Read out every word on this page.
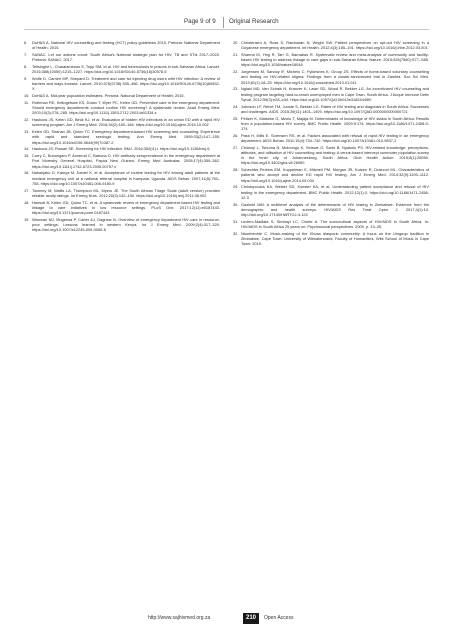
Page 9 of 9 Original Research
6.	DoH&S A. National HIV counselling and testing (HCT) policy guidelines 2015. Pretoria: National Department of Health; 2015.
7.	SANAC. Let our actions count: South Africa's National strategic plan for HIV, TB and STIs 2017–2022. Pretoria: SANAC; 2017.
8.	Telisinghe L, Charalambous S, Topp SM, et al. HIV and tuberculosis in prisons in sub-Saharan Africa. Lancet. 2016;388(10050):1215–1227. https://doi.org/10.1016/S0140-6736(16)30578-5
9.	Wolfe D, Carrieri MP, Shepard D. Treatment and care for injecting drug users with HIV infection: A review of barriers and ways forward. Lancet. 2010;376(9738):355–366. https://doi.org/10.1016/S0140-6736(10)60832-X
10. DoH&S A. Mid-year population estimates. Pretoria: National Department of Health; 2015.
11. Rothman RE, Ketlogetswe KS, Dolan T, Wyer PC, Kelen GD. Preventive care in the emergency department: Should emergency departments conduct routine HIV screening? A systematic review. Acad Emerg Med. 2003;10(3):278–285. https://doi.org/10.1111/j.1553-2712.2003.tb01334.x
12. Haukoos JS, Kelen GD, Beck KJ, et al. Evaluation of hidden HIV infections in an urban ED with a rapid HIV screening program. Am J Emerg Med. 2016;34(2):180–184. https://doi.org/10.1016/j.ajem.2015.10.002
13. Kelen GD, Shahan JB, Quinn TC. Emergency department-based HIV screening and counseling: Experience with rapid and standard serologic testing. Ann Emerg Med. 1999;33(2):147–155. https://doi.org/10.1016/s0196-0644(99)70387-2
14. Haukoos JS, Rowan SE. Screening for HIV infection. BMJ. 2016;352(i1):i. https://doi.org/10.1136/bmj.i1
15. Curry C, Bunungam P, Annerud C, Babona D. HIV antibody seroprevalence in the emergency department at Port Moresby General Hospital, Papua New Guinea. Emerg Med Australas. 2005;17(4):359–362. https://doi.org/10.1111/j.1742-6723.2005.00757.x
16. Nakanjako D, Kamya M, Daniel K, et al. Acceptance of routine testing for HIV among adult patients at the medical emergency unit at a national referral hospital in Kampala, Uganda. AIDS Behav. 2007;11(5):753–758. https://doi.org/10.1007/s10461-006-9180-9
17. Twomey M, Wallis LA, Thompson ML, Myers JE. The South African Triage Scale (adult version) provides reliable acuity ratings. Int Emerg Nurs. 2012;20(3):142–150. https://doi.org/10.1016/j.ienj.2011.08.002
18. Hansoti B, Kelen GD, Quinn TC, et al. A systematic review of emergency department based HIV testing and linkage to care initiatives in low resource settings. PLoS One. 2017;12(11):e0187443. https://doi.org/10.1371/journal.pone.0187443
19. Waxman MJ, Mugerwa P, Carter AJ, Dagnew N. Overview of emergency department HIV care in resource-poor settings: Lessons learned in western Kenya. Int J Emerg Med. 2009;2(4):317–320. https://doi.org/10.1007/s12245-009-0065-8
20. Christensen A, Russ S, Rambaran N, Wright SW. Patient perspectives on opt-out HIV screening in a Guyanese emergency department. Int Health. 2012;4(3):185–191. https://doi.org/10.1016/j.inhe.2012.03.001
21. Sharma M, Ying R, Tarr G, Barnabas R. Systematic review and meta-analysis of community and facility-based HIV testing to address linkage to care gaps in sub-Saharan Africa. Nature. 2015;528(7580):S77–S85. https://doi.org/10.1038/nature16044
22. Jurgensen M, Sandoy IF, Michelo C, Fylkesnes K; Group ZS. Effects of home-based voluntary counselling and testing on HIV-related stigma: Findings from a cluster-randomized trial in Zambia. Soc Sci Med. 2013;81(1):18–25. https://doi.org/10.1016/j.socscimed.2013.01.011
23. Nglazi MD, Van Schaik N, Kranzer K, Lawn SD, Wood R, Bekker LG. An incentivized HIV counseling and testing program targeting hard-to-reach unemployed men in Cape Town, South Africa. J Acquir Immune Defic Syndr. 2012;59(3):e28–e34. https://doi.org/10.1097/QAI.0b013e31824445f0
24. Johnson LF, Rehle TM, Jooste S, Bekker LG. Rates of HIV testing and diagnosis in South Africa: Successes and challenges. AIDS. 2015;29(11):1401–1409. https://doi.org/10.1097/QAD.0000000000000721
25. Peltzer K, Matseke G, Mzolo T, Majaja M. Determinants of knowledge of HIV status in South Africa: Results from a population-based HIV survey. BMC Public Health. 2009;9:174. https://doi.org/10.1186/1471-2458-9-174
26. Pass H, Mills E, Sorensen RS, et al. Factors associated with refusal of rapid HIV testing in an emergency department. AIDS Behav. 2011;15(4):734–742. https://doi.org/10.1007/s10461-010-9837-2
27. Chimoyi L, Tshuma N, Muloongo K, Setswe G, Sarfo B, Nyasulu PS. HIV-related knowledge, perceptions, attitudes, and utilisation of HIV counselling and testing: A venue-based intercept commuter population survey in the inner city of Johannesburg, South Africa. Glob Health Action. 2015;8(1):26950. https://doi.org/10.3402/gha.v8.26950
28. Schechter-Perkins EM, Koppelman E, Mitchell PM, Morgan JR, Kutzen R, Drainoni ML. Characteristics of patients who accept and decline ED rapid HIV testing. Am J Emerg Med. 2014;32(9):1109–1112. https://doi.org/10.1016/j.ajem.2014.05.034
29. Christopoulos KA, Weiser SD, Koester KA, et al. Understanding patient acceptance and refusal of HIV testing in the emergency department. BMC Public Health. 2012;12(1):3. https://doi.org/10.1186/1471-2458-12-3
30. Gazimbi MM. A multilevel analysis of the determinants of HIV testing in Zimbabwe: Evidence from the demographic and health surveys. HIV/AIDS Res Treat Open J. 2017;4(1):14. http://doi.org/10.17140/HARTOJ-4-124
31. Leclerc-Madlala S, Simbayi LC, Cloete A. The sociocultural aspects of HIV/AIDS in South Africa. In: HIV/AIDS in South Africa 25 years on: Psychosocial perspectives. 2009. p. 13–25.
32. Ntombenhle C. Music-making of the Xhosa diasporic community: A focus on the Umguqo tradition in Zimbabwe. Cape Town: University of Witwatersrand, Faculty of Humanities, Wits School of Music in Cape Town; 2019.
http://www.sajhivmed.org.za	210	Open Access
